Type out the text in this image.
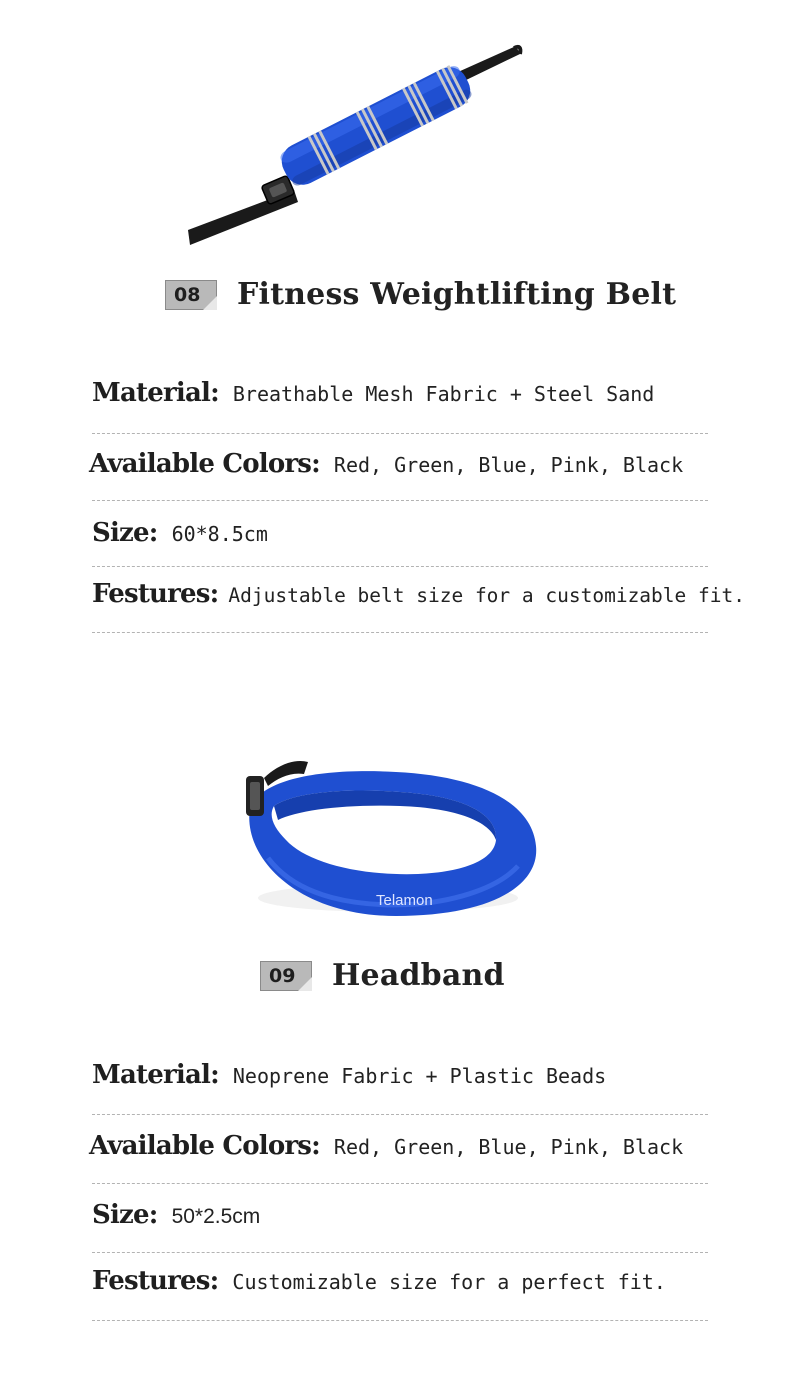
08 Fitness Weightlifting Belt
Material: Breathable Mesh Fabric + Steel Sand
Available Colors: Red, Green, Blue, Pink, Black
Size: 60*8.5cm
Festures: Adjustable belt size for a customizable fit.
Telamon
09 Headband
Material: Neoprene Fabric + Plastic Beads
Available Colors: Red, Green, Blue, Pink, Black
Size: 50*2.5cm
Festures: Customizable size for a perfect fit.
